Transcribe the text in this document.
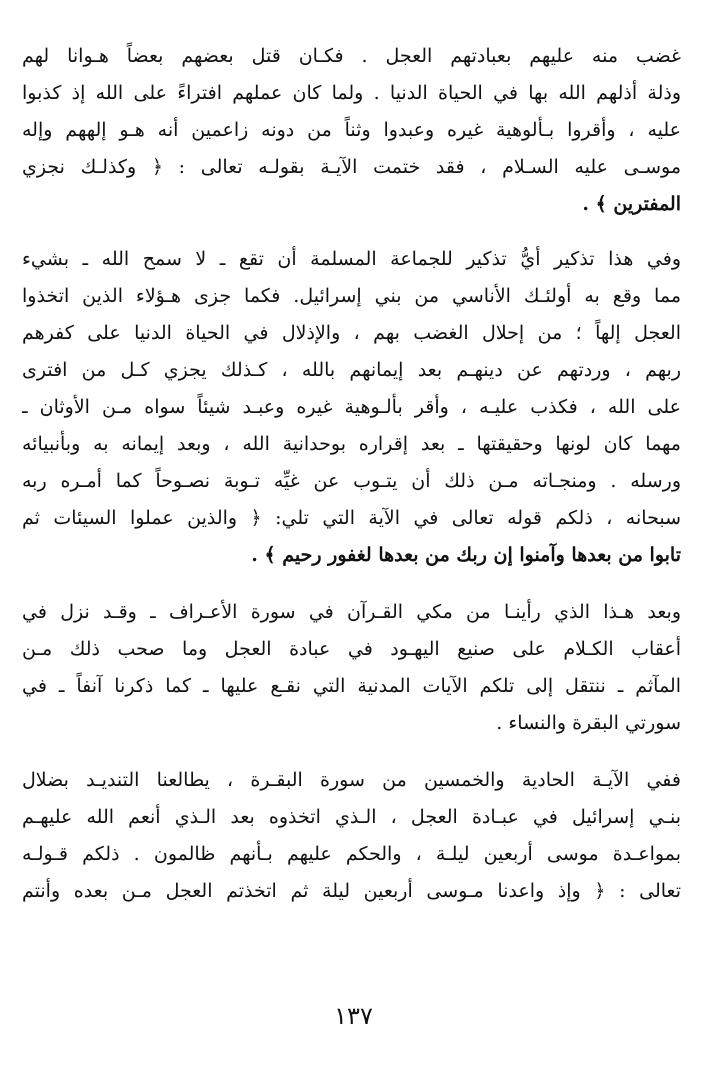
غضب منه عليهم بعبادتهم العجل . فكـان قتل بعضهم بعضاً هـوانا لهم
وذلة أذلهم الله بها في الحياة الدنيا . ولما كان عملهم افتراءً على الله إذ كذبوا
عليه ، وأقروا بـألوهية غيره وعبدوا وثناً من دونه زاعمين أنه هـو إلههم وإله
موسـى عليه السـلام ، فقد ختمت الآيـة بقولـه تعالى : ﴿ وكذلـك نجزي
المفترين ﴾ .
وفي هذا تذكير أيُّ تذكير للجماعة المسلمة أن تقع ـ لا سمح الله ـ بشيء
مما وقع به أولئـك الأناسي من بني إسرائيل. فكما جزى هـؤلاء الذين اتخذوا
العجل إلهاً ؛ من إحلال الغضب بهم ، والإذلال في الحياة الدنيا على كفرهم
ربهم ، وردتهم عن دينهـم بعد إيمانهم بالله ، كـذلك يجزي كـل من افترى
على الله ، فكذب عليـه ، وأقر بألـوهية غيره وعبـد شيئاً سواه مـن الأوثان ـ
مهما كان لونها وحقيقتها ـ بعد إقراره بوحدانية الله ، وبعد إيمانه به وبأنبيائه
ورسله . ومنجـاته مـن ذلك أن يتـوب عن غيِّه تـوبة نصـوحاً كما أمـره ربه
سبحانه ، ذلكم قوله تعالى في الآية التي تلي: ﴿ والذين عملوا السيئات ثم
تابوا من بعدها وآمنوا إن ربك من بعدها لغفور رحيم ﴾ .
وبعد هـذا الذي رأينـا من مكي القـرآن في سورة الأعـراف ـ وقـد نزل في
أعقاب الكـلام على صنيع اليهـود في عبادة العجل وما صحب ذلك مـن
المآثم ـ ننتقل إلى تلكم الآيات المدنية التي نقـع عليها ـ كما ذكرنا آنفاً ـ في
سورتي البقرة والنساء .
ففي الآيـة الحادية والخمسين من سورة البقـرة ، يطالعنا التنديـد بضلال
بنـي إسرائيل في عبـادة العجل ، الـذي اتخذوه بعد الـذي أنعم الله عليهـم
بمواعـدة موسى أربعين ليلـة ، والحكم عليهم بـأنهم ظالمون . ذلكم قـولـه
تعالى : ﴿ وإذ واعدنا مـوسى أربعين ليلة ثم اتخذتم العجل مـن بعده وأنتم
١٣٧
